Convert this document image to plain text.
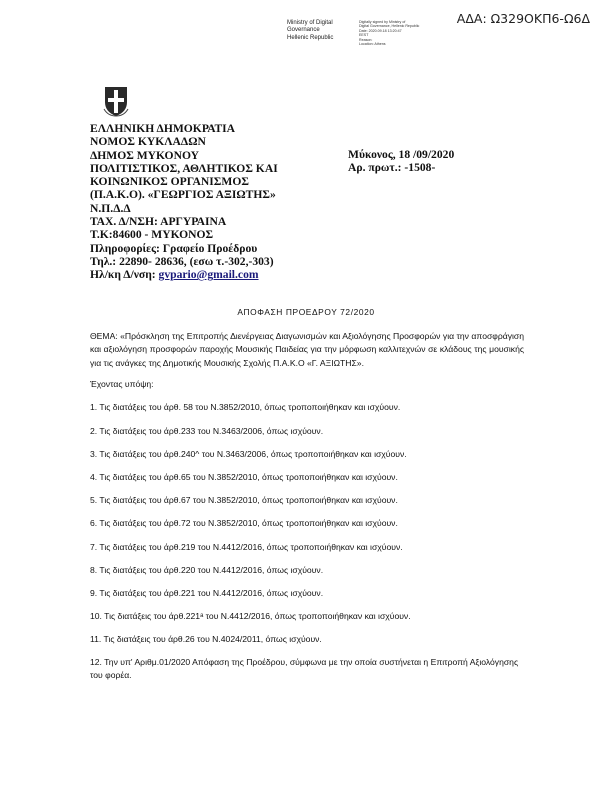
ΑΔΑ: Ω329ΟΚΠ6-Ω6Δ
Ministry of Digital
Governance
Hellenic Republic
Digitally signed by Ministry of
Digital Governance, Hellenic Republic
Date: 2020.09.18 13:20:47
EEST
Reason:
Location: Athens
ΕΛΛΗΝΙΚΗ ΔΗΜΟΚΡΑΤΙΑ
ΝΟΜΟΣ ΚΥΚΛΑΔΩΝ
ΔΗΜΟΣ ΜΥΚΟΝΟΥ
ΠΟΛΙΤΙΣΤΙΚΟΣ, ΑΘΛΗΤΙΚΟΣ ΚΑΙ
ΚΟΙΝΩΝΙΚΟΣ ΟΡΓΑΝΙΣΜΟΣ
(Π.Α.Κ.Ο). «ΓΕΩΡΓΙΟΣ ΑΞΙΩΤΗΣ»
Ν.Π.Δ.Δ
ΤΑΧ. Δ/ΝΣΗ: ΑΡΓΥΡΑΙΝΑ
Τ.Κ:84600 - ΜΥΚΟΝΟΣ
Πληροφορίες: Γραφείο Προέδρου
Τηλ.: 22890- 28636, (εσω τ.-302,-303)
Ηλ/κη Δ/νση: gvpario@gmail.com
Μύκονος, 18 /09/2020
Αρ. πρωτ.: -1508-
ΑΠΟΦΑΣΗ ΠΡΟΕΔΡΟΥ 72/2020
ΘΕΜΑ: «Πρόσκληση της Επιτροπής Διενέργειας Διαγωνισμών και Αξιολόγησης Προσφορών για την αποσφράγιση και αξιολόγηση προσφορών παροχής Μουσικής Παιδείας για την μόρφωση καλλιτεχνών σε κλάδους της μουσικής για τις ανάγκες της Δημοτικής Μουσικής Σχολής Π.Α.Κ.Ο «Γ. ΑΞΙΩΤΗΣ».
Έχοντας υπόψη:
1. Τις διατάξεις του άρθ. 58 του Ν.3852/2010, όπως τροποποιήθηκαν και ισχύουν.
2. Τις διατάξεις του άρθ.233 του Ν.3463/2006, όπως ισχύουν.
3. Τις διατάξεις του άρθ.240^ του Ν.3463/2006, όπως τροποποιήθηκαν και ισχύουν.
4. Τις διατάξεις του άρθ.65 του Ν.3852/2010, όπως τροποποιήθηκαν και ισχύουν.
5. Τις διατάξεις του άρθ.67 του Ν.3852/2010, όπως τροποποιήθηκαν και ισχύουν.
6. Τις διατάξεις του άρθ.72 του Ν.3852/2010, όπως τροποποιήθηκαν και ισχύουν.
7. Τις διατάξεις του άρθ.219 του Ν.4412/2016, όπως τροποποιήθηκαν και ισχύουν.
8. Τις διατάξεις του άρθ.220 του Ν.4412/2016, όπως ισχύουν.
9. Τις διατάξεις του άρθ.221 του Ν.4412/2016, όπως ισχύουν.
10. Τις διατάξεις του άρθ.221ᵃ του Ν.4412/2016, όπως τροποποιήθηκαν και ισχύουν.
11. Τις διατάξεις του άρθ.26 του Ν.4024/2011, όπως ισχύουν.
12. Την υπ' Αριθμ.01/2020 Απόφαση της Προέδρου, σύμφωνα με την οποία συστήνεται η Επιτροπή Αξιολόγησης του φορέα.
